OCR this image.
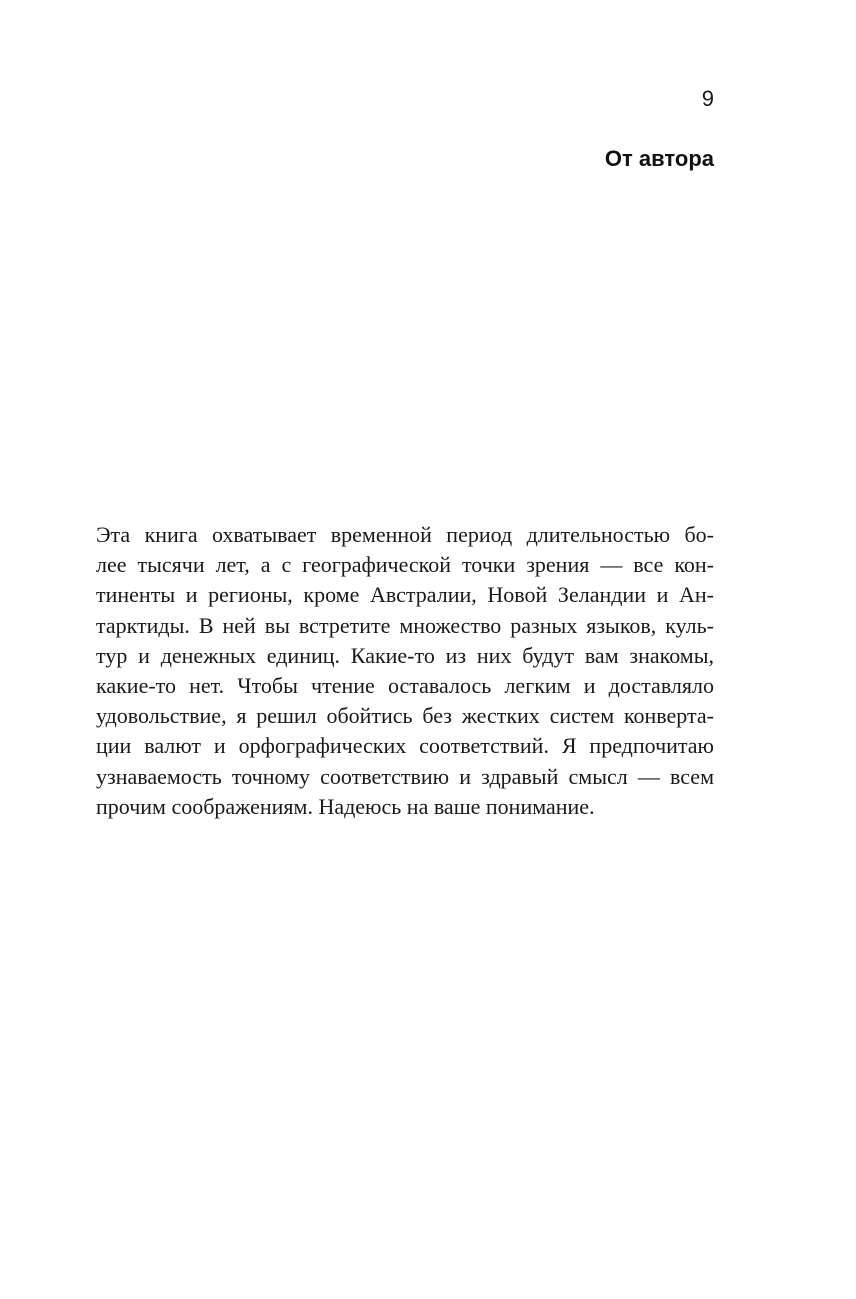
9
От автора

Эта книга охватывает временной период длительностью бо-
лее тысячи лет, а с географической точки зрения — все кон-
тиненты и регионы, кроме Австралии, Новой Зеландии и Ан-
тарктиды. В ней вы встретите множество разных языков, куль-
тур и денежных единиц. Какие-то из них будут вам знакомы,
какие-то нет. Чтобы чтение оставалось легким и доставляло
удовольствие, я решил обойтись без жестких систем конверта-
ции валют и орфографических соответствий. Я предпочитаю
узнаваемость точному соответствию и здравый смысл — всем
прочим соображениям. Надеюсь на ваше понимание.
